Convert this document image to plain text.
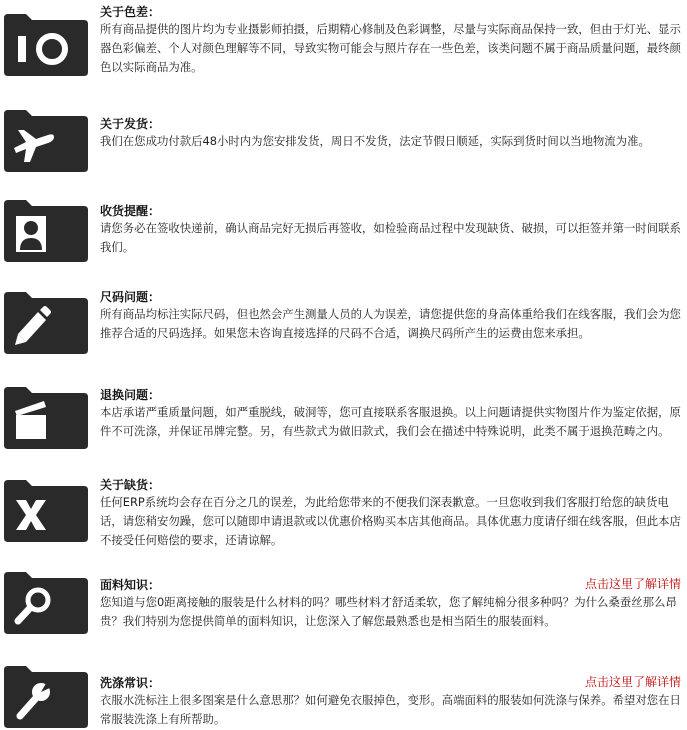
关于色差：
所有商品提供的图片均为专业摄影师拍摄，后期精心修制及色彩调整，尽量与实际商品保持一致，但由于灯光、显示器色彩偏差、个人对颜色理解等不同，导致实物可能会与照片存在一些色差，该类问题不属于商品质量问题，最终颜色以实际商品为准。
关于发货：
我们在您成功付款后48小时内为您安排发货，周日不发货，法定节假日顺延，实际到货时间以当地物流为准。
收货提醒：
请您务必在签收快递前，确认商品完好无损后再签收，如检验商品过程中发现缺货、破损，可以拒签并第一时间联系我们。
尺码问题：
所有商品均标注实际尺码，但也然会产生测量人员的人为误差，请您提供您的身高体重给我们在线客服，我们会为您推荐合适的尺码选择。如果您未咨询直接选择的尺码不合适，调换尺码所产生的运费由您来承担。
退换问题：
本店承诺严重质量问题，如严重脱线，破洞等，您可直接联系客服退换。以上问题请提供实物图片作为鉴定依据，原件不可洗涤，并保证吊牌完整。另，有些款式为做旧款式，我们会在描述中特殊说明，此类不属于退换范畴之内。
关于缺货：
任何ERP系统均会存在百分之几的误差，为此给您带来的不便我们深表歉意。一旦您收到我们客服打给您的缺货电话，请您稍安勿躁，您可以随即申请退款或以优惠价格购买本店其他商品。具体优惠力度请仔细在线客服，但此本店不接受任何赔偿的要求，还请谅解。
面料知识：
您知道与您0距离接触的服装是什么材料的吗？哪些材料才舒适柔软，您了解纯棉分很多种吗？为什么桑蚕丝那么昂贵？我们特别为您提供简单的面料知识，让您深入了解您最熟悉也是相当陌生的服装面料。
点击这里了解详情
洗涤常识：
衣服水洗标注上很多图案是什么意思那？如何避免衣服掉色，变形。高端面料的服装如何洗涤与保养。希望对您在日常服装洗涤上有所帮助。
点击这里了解详情
